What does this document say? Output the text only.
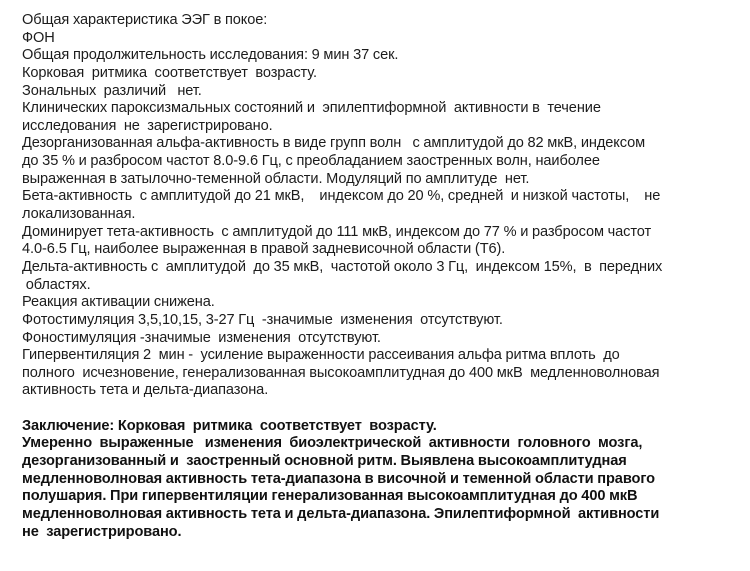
Общая характеристика ЭЭГ в покое:
ФОН
Общая продолжительность исследования: 9 мин 37 сек.
Корковая  ритмика  соответствует  возрасту.
Зональных  различий   нет.
Клинических пароксизмальных состояний и  эпилептиформной  активности в  течение
исследования  не  зарегистрировано.
Дезорганизованная альфа-активность в виде групп волн   с амплитудой до 82 мкВ, индексом
до 35 % и разбросом частот 8.0-9.6 Гц, с преобладанием заостренных волн, наиболее
выраженная в затылочно-теменной области. Модуляций по амплитуде  нет.
Бета-активность  с амплитудой до 21 мкВ,    индексом до 20 %, средней  и низкой частоты,    не
локализованная.
Доминирует тета-активность  с амплитудой до 111 мкВ, индексом до 77 % и разбросом частот
4.0-6.5 Гц, наиболее выраженная в правой задневисочной области (Т6).
Дельта-активность с  амплитудой  до 35 мкВ,  частотой около 3 Гц,  индексом 15%,  в  передних
областях.
Реакция активации снижена.
Фотостимуляция 3,5,10,15, 3-27 Гц  -значимые  изменения  отсутствуют.
Фоностимуляция -значимые  изменения  отсутствуют.
Гипервентиляция 2  мин -  усиление выраженности рассеивания альфа ритма вплоть  до
полного  исчезновение, генерализованная высокоамплитудная до 400 мкВ  медленноволновая
активность тета и дельта-диапазона.
Заключение: Корковая  ритмика  соответствует  возрасту.
Умеренно  выраженные   изменения  биоэлектрической  активности  головного  мозга,
дезорганизованный и  заостренный основной ритм. Выявлена высокоамплитудная
медленноволновая активность тета-диапазона в височной и теменной области правого
полушария. При гипервентиляции генерализованная высокоамплитудная до 400 мкВ
медленноволновая активность тета и дельта-диапазона. Эпилептиформной  активности
не  зарегистрировано.
